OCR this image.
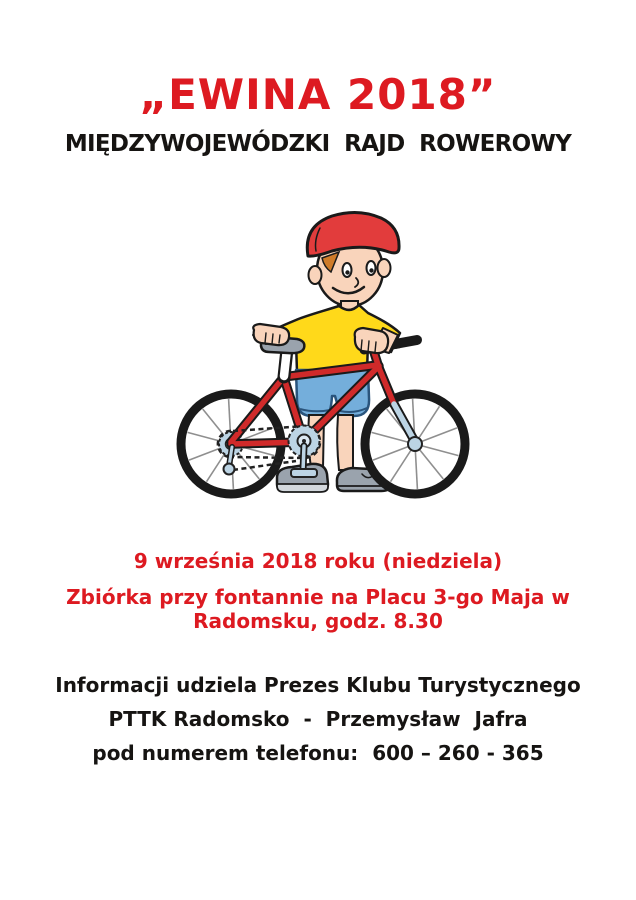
„EWINA 2018”
MIĘDZYWOJEWÓDZKI  RAJD  ROWEROWY
9 września 2018 roku (niedziela)
Zbiórka przy fontannie na Placu 3-go Maja w
Radomsku, godz. 8.30
Informacji udziela Prezes Klubu Turystycznego
PTTK Radomsko  -  Przemysław  Jafra
pod numerem telefonu:  600 – 260 - 365
